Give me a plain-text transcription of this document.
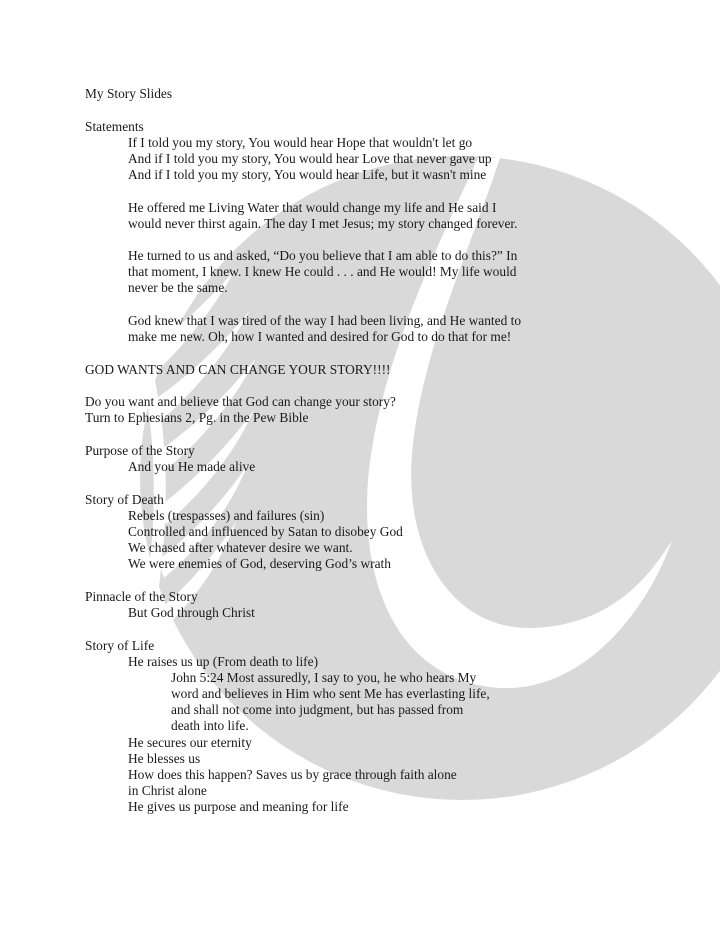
My Story Slides
Statements
If I told you my story, You would hear Hope that wouldn't let go
And if I told you my story, You would hear Love that never gave up
And if I told you my story, You would hear Life, but it wasn't mine
He offered me Living Water that would change my life and He said I
would never thirst again. The day I met Jesus; my story changed forever.
He turned to us and asked, “Do you believe that I am able to do this?” In
that moment, I knew. I knew He could . . . and He would! My life would
never be the same.
God knew that I was tired of the way I had been living, and He wanted to
make me new. Oh, how I wanted and desired for God to do that for me!
GOD WANTS AND CAN CHANGE YOUR STORY!!!!
Do you want and believe that God can change your story?
Turn to Ephesians 2, Pg. in the Pew Bible
Purpose of the Story
And you He made alive
Story of Death
Rebels (trespasses) and failures (sin)
Controlled and influenced by Satan to disobey God
We chased after whatever desire we want.
We were enemies of God, deserving God’s wrath
Pinnacle of the Story
But God through Christ
Story of Life
He raises us up (From death to life)
John 5:24 Most assuredly, I say to you, he who hears My
word and believes in Him who sent Me has everlasting life,
and shall not come into judgment, but has passed from
death into life.
He secures our eternity
He blesses us
How does this happen? Saves us by grace through faith alone
in Christ alone
He gives us purpose and meaning for life
